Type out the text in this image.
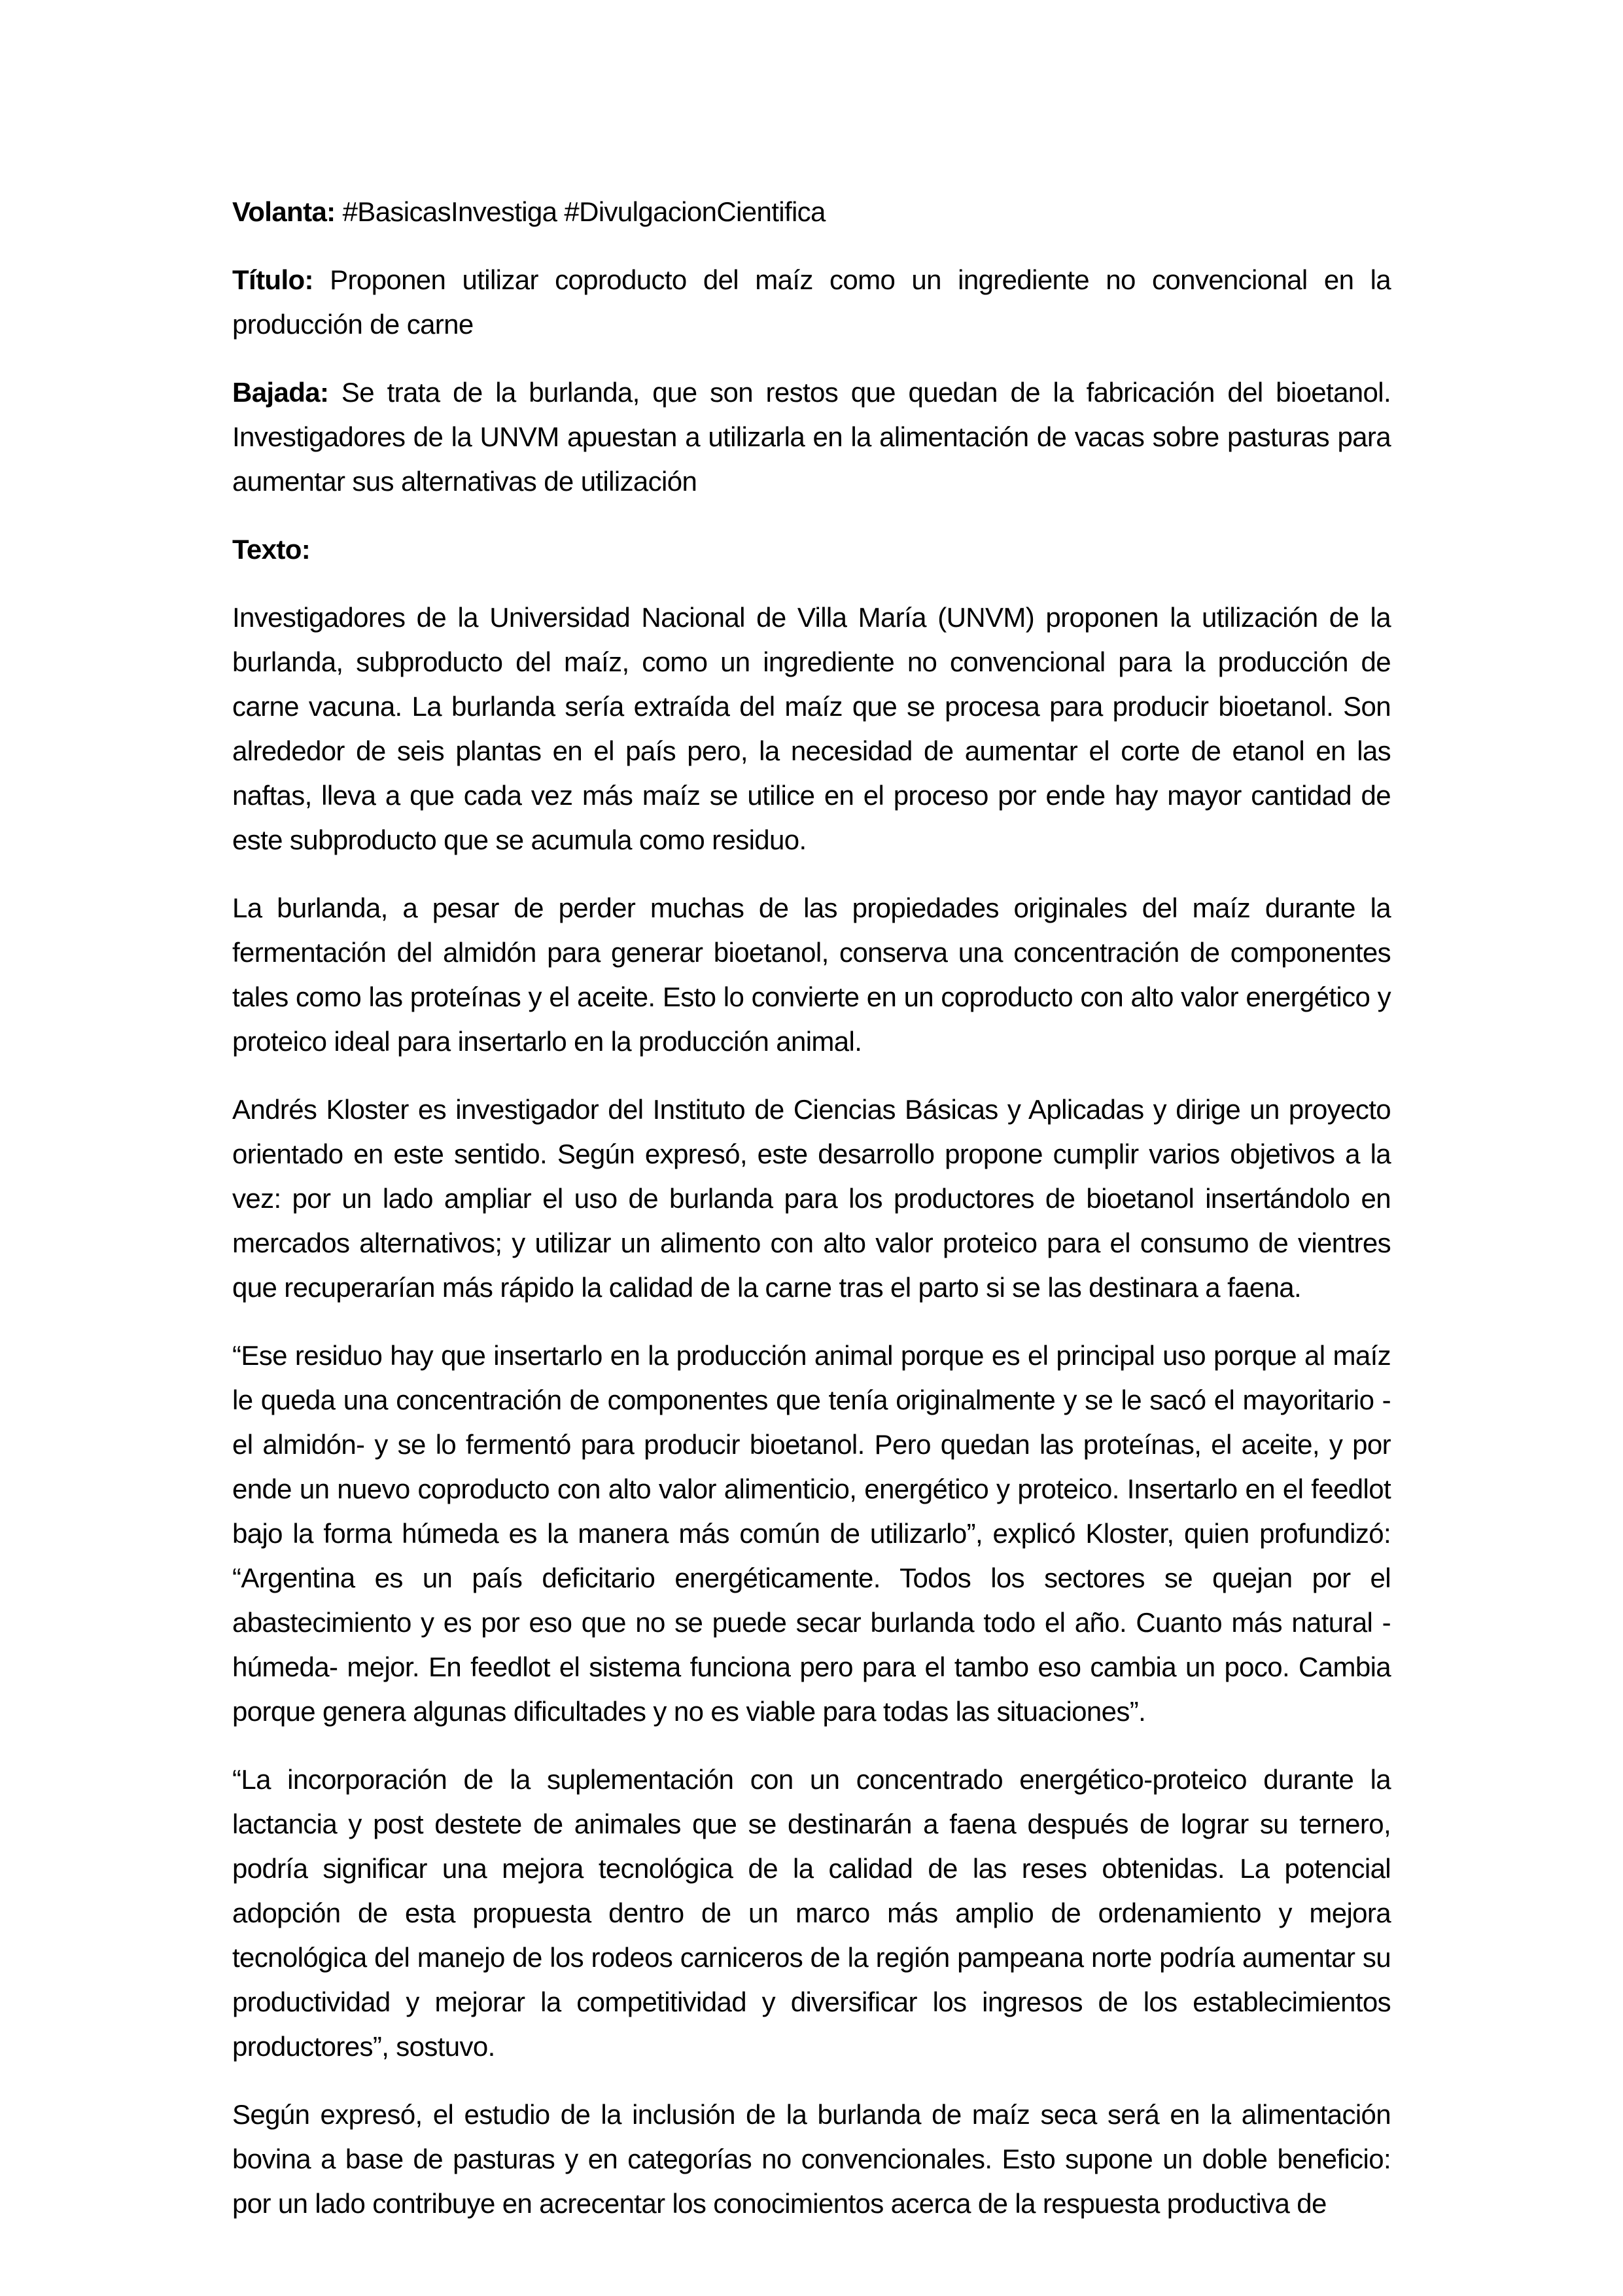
Volanta: #BasicasInvestiga #DivulgacionCientifica

Título: Proponen utilizar coproducto del maíz como un ingrediente no convencional en la producción de carne

Bajada: Se trata de la burlanda, que son restos que quedan de la fabricación del bioetanol. Investigadores de la UNVM apuestan a utilizarla en la alimentación de vacas sobre pasturas para aumentar sus alternativas de utilización

Texto:

Investigadores de la Universidad Nacional de Villa María (UNVM) proponen la utilización de la burlanda, subproducto del maíz, como un ingrediente no convencional para la producción de carne vacuna. La burlanda sería extraída del maíz que se procesa para producir bioetanol. Son alrededor de seis plantas en el país pero, la necesidad de aumentar el corte de etanol en las naftas, lleva a que cada vez más maíz se utilice en el proceso por ende hay mayor cantidad de este subproducto que se acumula como residuo.

La burlanda, a pesar de perder muchas de las propiedades originales del maíz durante la fermentación del almidón para generar bioetanol, conserva una concentración de componentes tales como las proteínas y el aceite. Esto lo convierte en un coproducto con alto valor energético y proteico ideal para insertarlo en la producción animal.

Andrés Kloster es investigador del Instituto de Ciencias Básicas y Aplicadas y dirige un proyecto orientado en este sentido. Según expresó, este desarrollo propone cumplir varios objetivos a la vez: por un lado ampliar el uso de burlanda para los productores de bioetanol insertándolo en mercados alternativos; y utilizar un alimento con alto valor proteico para el consumo de vientres que recuperarían más rápido la calidad de la carne tras el parto si se las destinara a faena.

“Ese residuo hay que insertarlo en la producción animal porque es el principal uso porque al maíz le queda una concentración de componentes que tenía originalmente y se le sacó el mayoritario -el almidón- y se lo fermentó para producir bioetanol. Pero quedan las proteínas, el aceite, y por ende un nuevo coproducto con alto valor alimenticio, energético y proteico. Insertarlo en el feedlot bajo la forma húmeda es la manera más común de utilizarlo”, explicó Kloster, quien profundizó: “Argentina es un país deficitario energéticamente. Todos los sectores se quejan por el abastecimiento y es por eso que no se puede secar burlanda todo el año. Cuanto más natural -húmeda- mejor. En feedlot el sistema funciona pero para el tambo eso cambia un poco. Cambia porque genera algunas dificultades y no es viable para todas las situaciones”.

“La incorporación de la suplementación con un concentrado energético-proteico durante la lactancia y post destete de animales que se destinarán a faena después de lograr su ternero, podría significar una mejora tecnológica de la calidad de las reses obtenidas. La potencial adopción de esta propuesta dentro de un marco más amplio de ordenamiento y mejora tecnológica del manejo de los rodeos carniceros de la región pampeana norte podría aumentar su productividad y mejorar la competitividad y diversificar los ingresos de los establecimientos productores”, sostuvo.

Según expresó, el estudio de la inclusión de la burlanda de maíz seca será en la alimentación bovina a base de pasturas y en categorías no convencionales. Esto supone un doble beneficio: por un lado contribuye en acrecentar los conocimientos acerca de la respuesta productiva de
